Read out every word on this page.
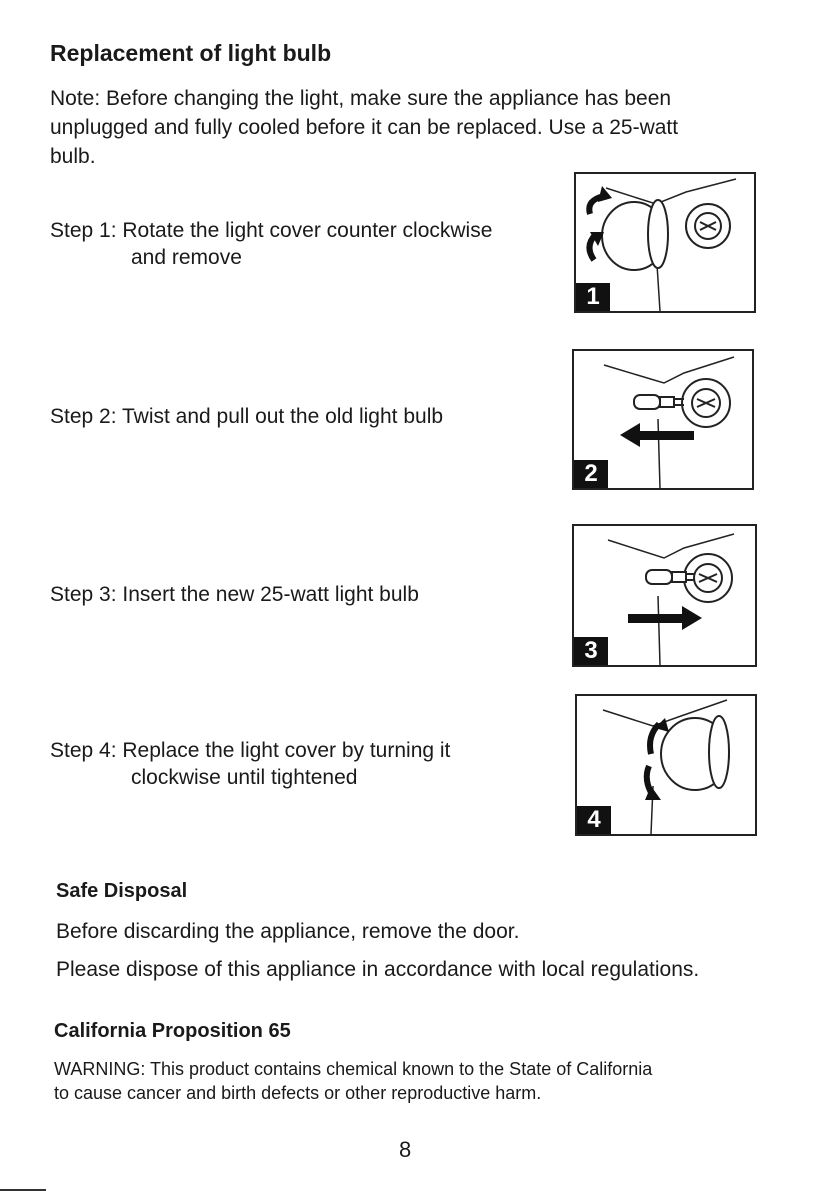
Replacement of light bulb

Note: Before changing the light, make sure the appliance has been

unplugged and fully cooled before it can be replaced. Use a 25-watt

bulb.

Step 1: Rotate the light cover counter clockwise

and remove

1

Step 2: Twist and pull out the old light bulb

2

Step 3: Insert the new 25-watt light bulb

3

Step 4: Replace the light cover by turning it

clockwise until tightened

4
Safe Disposal

Before discarding the appliance, remove the door.

Please dispose of this appliance in accordance with local regulations.

California Proposition 65

WARNING: This product contains chemical known to the State of California

to cause cancer and birth defects or other reproductive harm.

8
